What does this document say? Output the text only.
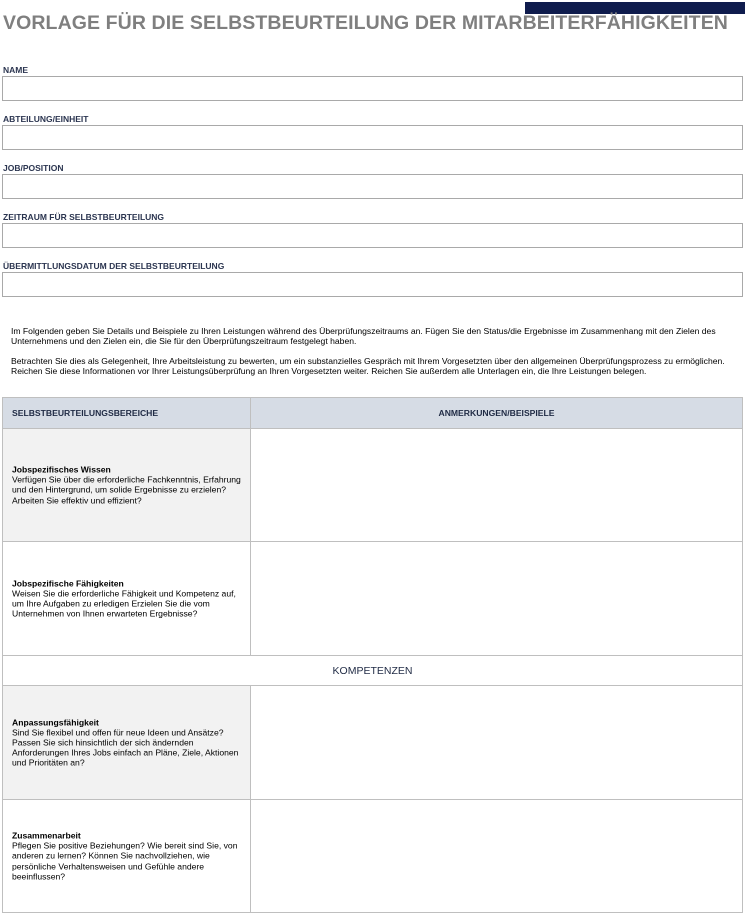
VORLAGE FÜR DIE SELBSTBEURTEILUNG DER MITARBEITERFÄHIGKEITEN
NAME
ABTEILUNG/EINHEIT
JOB/POSITION
ZEITRAUM FÜR SELBSTBEURTEILUNG
ÜBERMITTLUNGSDATUM DER SELBSTBEURTEILUNG
Im Folgenden geben Sie Details und Beispiele zu Ihren Leistungen während des Überprüfungszeitraums an. Fügen Sie den Status/die Ergebnisse im Zusammenhang mit den Zielen des Unternehmens und den Zielen ein, die Sie für den Überprüfungszeitraum festgelegt haben.
Betrachten Sie dies als Gelegenheit, Ihre Arbeitsleistung zu bewerten, um ein substanzielles Gespräch mit Ihrem Vorgesetzten über den allgemeinen Überprüfungsprozess zu ermöglichen. Reichen Sie diese Informationen vor Ihrer Leistungsüberprüfung an Ihren Vorgesetzten weiter. Reichen Sie außerdem alle Unterlagen ein, die Ihre Leistungen belegen.
SELBSTBEURTEILUNGSBEREICHE	ANMERKUNGEN/BEISPIELE
Jobspezifisches Wissen
Verfügen Sie über die erforderliche Fachkenntnis, Erfahrung und den Hintergrund, um solide Ergebnisse zu erzielen? Arbeiten Sie effektiv und effizient?
Jobspezifische Fähigkeiten
Weisen Sie die erforderliche Fähigkeit und Kompetenz auf, um Ihre Aufgaben zu erledigen Erzielen Sie die vom Unternehmen von Ihnen erwarteten Ergebnisse?
KOMPETENZEN
Anpassungsfähigkeit
Sind Sie flexibel und offen für neue Ideen und Ansätze? Passen Sie sich hinsichtlich der sich ändernden Anforderungen Ihres Jobs einfach an Pläne, Ziele, Aktionen und Prioritäten an?
Zusammenarbeit
Pflegen Sie positive Beziehungen? Wie bereit sind Sie, von anderen zu lernen? Können Sie nachvollziehen, wie persönliche Verhaltensweisen und Gefühle andere beeinflussen?
